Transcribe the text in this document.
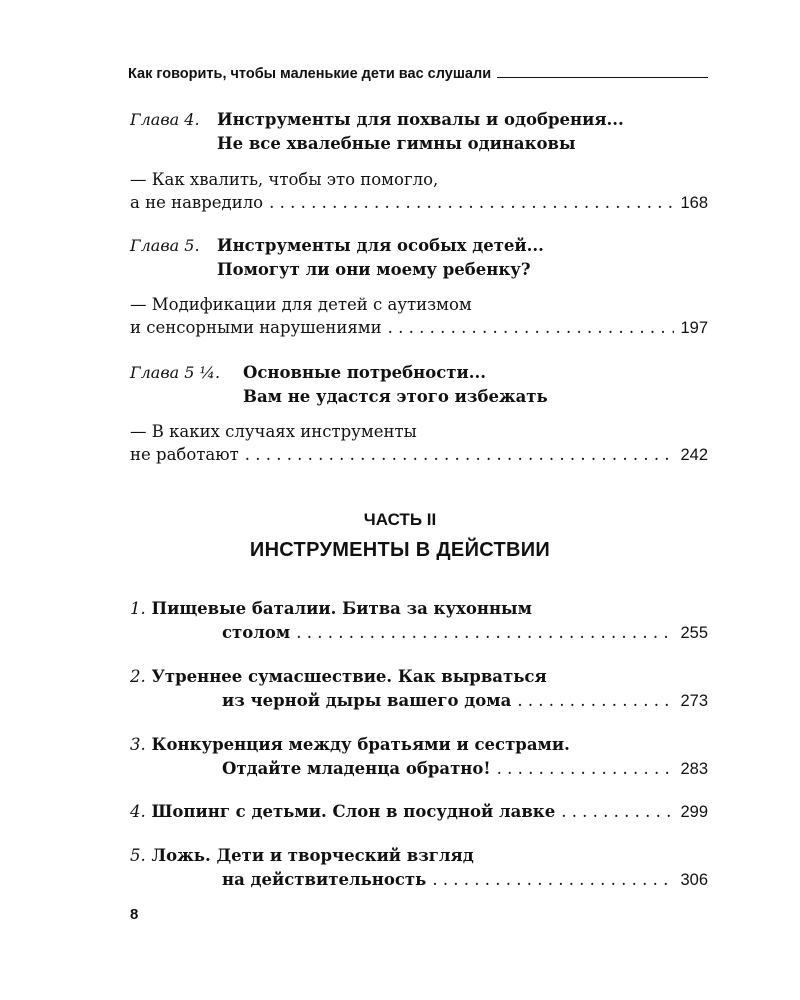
Как говорить, чтобы маленькие дети вас слушали
Глава 4. Инструменты для похвалы и одобрения...
Не все хвалебные гимны одинаковы
— Как хвалить, чтобы это помогло,
а не навредило . . .	168
Глава 5. Инструменты для особых детей...
Помогут ли они моему ребенку?
— Модификации для детей с аутизмом
и сенсорными нарушениями . . .	197
Глава 5 ¼. Основные потребности...
Вам не удастся этого избежать
— В каких случаях инструменты
не работают . . .	242
ЧАСТЬ II
ИНСТРУМЕНТЫ В ДЕЙСТВИИ
1. Пищевые баталии. Битва за кухонным
столом . . .	255
2. Утреннее сумасшествие. Как вырваться
из черной дыры вашего дома . . .	273
3. Конкуренция между братьями и сестрами.
Отдайте младенца обратно! . . .	283
4. Шопинг с детьми. Слон в посудной лавке . . .	299
5. Ложь. Дети и творческий взгляд
на действительность . . .	306
8
